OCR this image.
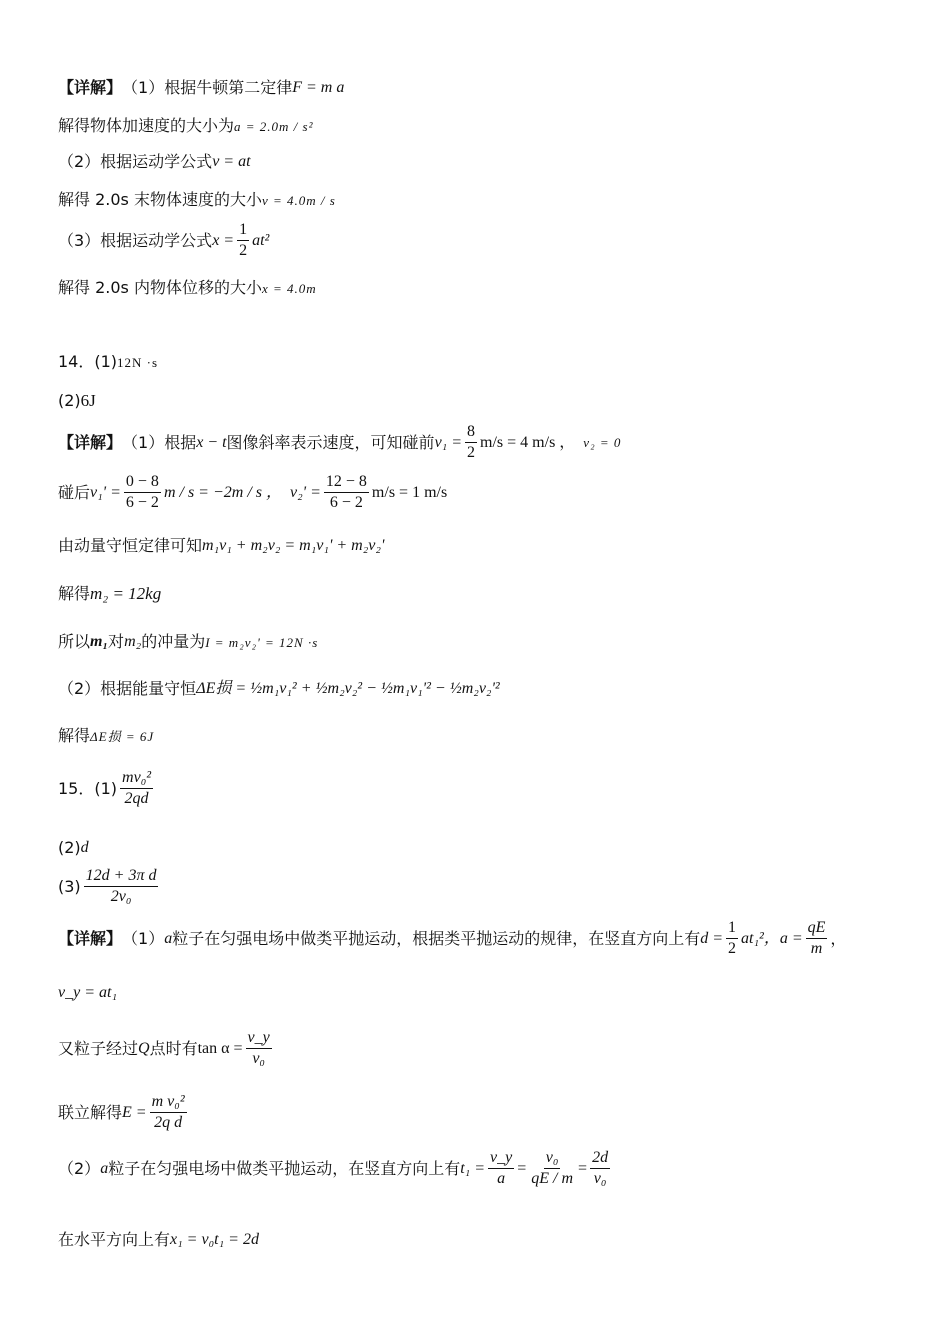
【详解】 （1）根据牛顿第二定律 F = m a
解得物体加速度的大小为 a = 2.0m / s²
（2）根据运动学公式 v = at
解得 2.0s 末物体速度的大小 v = 4.0m / s
（3）根据运动学公式 $x = \frac{1}{2} at^2$
解得 2.0s 内物体位移的大小 x = 4.0m
14．(1) 12N ·s
(2) 6J
【详解】 （1）根据 x − t 图像斜率表示速度，可知碰前 $v_1 = \frac{8}{2} m/s = 4$ m/s ， v₂ = 0
碰后 $v_1' = \frac{0 - 8}{6 - 2}$ m / s = −2m / s ， $v_2' = \frac{12 - 8}{6 - 2} m/s = 1$ m/s
由动量守恒定律可知 m₁v₁ + m₂v₂ = m₁v₁' + m₂v₂'
解得 m₂ = 12kg
所以 m₁ 对 m₂ 的冲量为 I = m₂v₂' = 12N ·s
（2）根据能量守恒 ΔE损 = ½m₁v₁² + ½m₂v₂² − ½m₁v₁'² − ½m₂v₂'²
解得 ΔE损 = 6J
15．$(1) \frac{\text{mv₀²}}{2qd}$
(2) d
$(3) \frac{\text{12d + 3π d}}{\text{2v₀}}$
【详解】 （1） a 粒子在匀强电场中做类平抛运动，根据类平抛运动的规律，在竖直方向上有 $d = \frac{1}{2} at_1^2$， $a = \frac{qE}{m}$ ，
v_y = at₁
又粒子经过 Q 点时有 $\tan \alpha = \frac{v\_y}{\text{v₀}}$
联立解得 $E = \frac{\text{m v₀²}}{\text{2q d}}$
（2） a 粒子在匀强电场中做类平抛运动，在竖直方向上有 $t_1 = \frac{v\_y}{a} = \frac{\text{v₀}}{qE / m} = \frac{2d}{\text{v₀}}$
在水平方向上有 x₁ = v₀t₁ = 2d
